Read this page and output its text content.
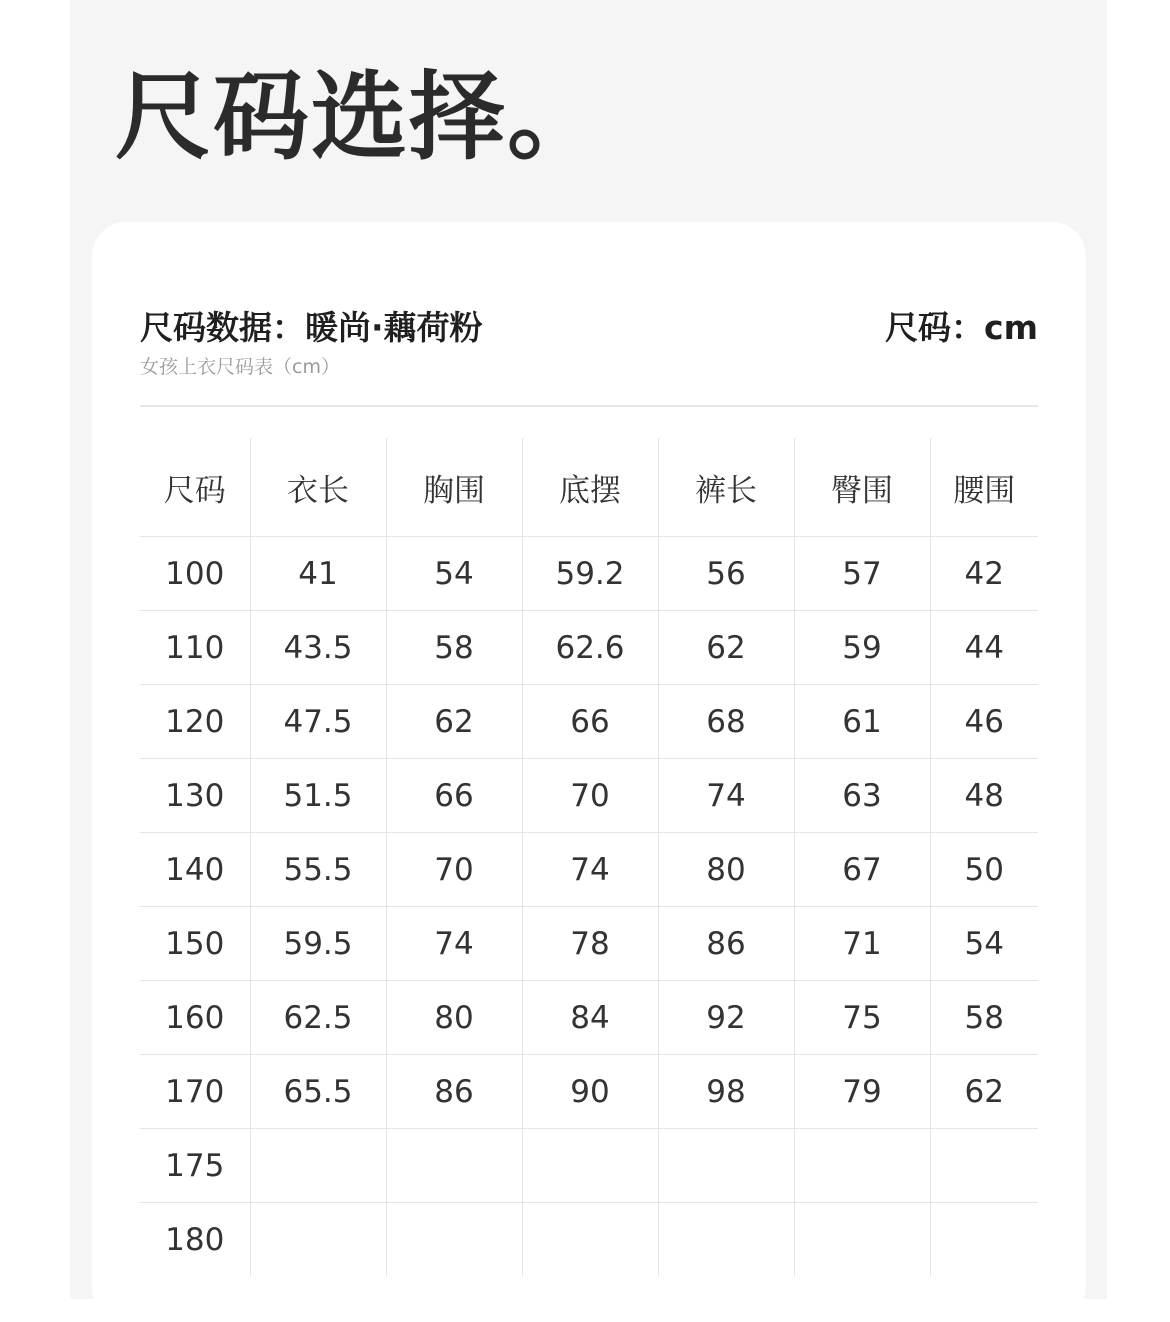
尺码选择。
尺码数据：暖尚·藕荷粉
女孩上衣尺码表（cm）
尺码：cm
尺码	衣长	胸围	底摆	裤长	臀围	腰围
100	41	54	59.2	56	57	42
110	43.5	58	62.6	62	59	44
120	47.5	62	66	68	61	46
130	51.5	66	70	74	63	48
140	55.5	70	74	80	67	50
150	59.5	74	78	86	71	54
160	62.5	80	84	92	75	58
170	65.5	86	90	98	79	62
175						
180						
